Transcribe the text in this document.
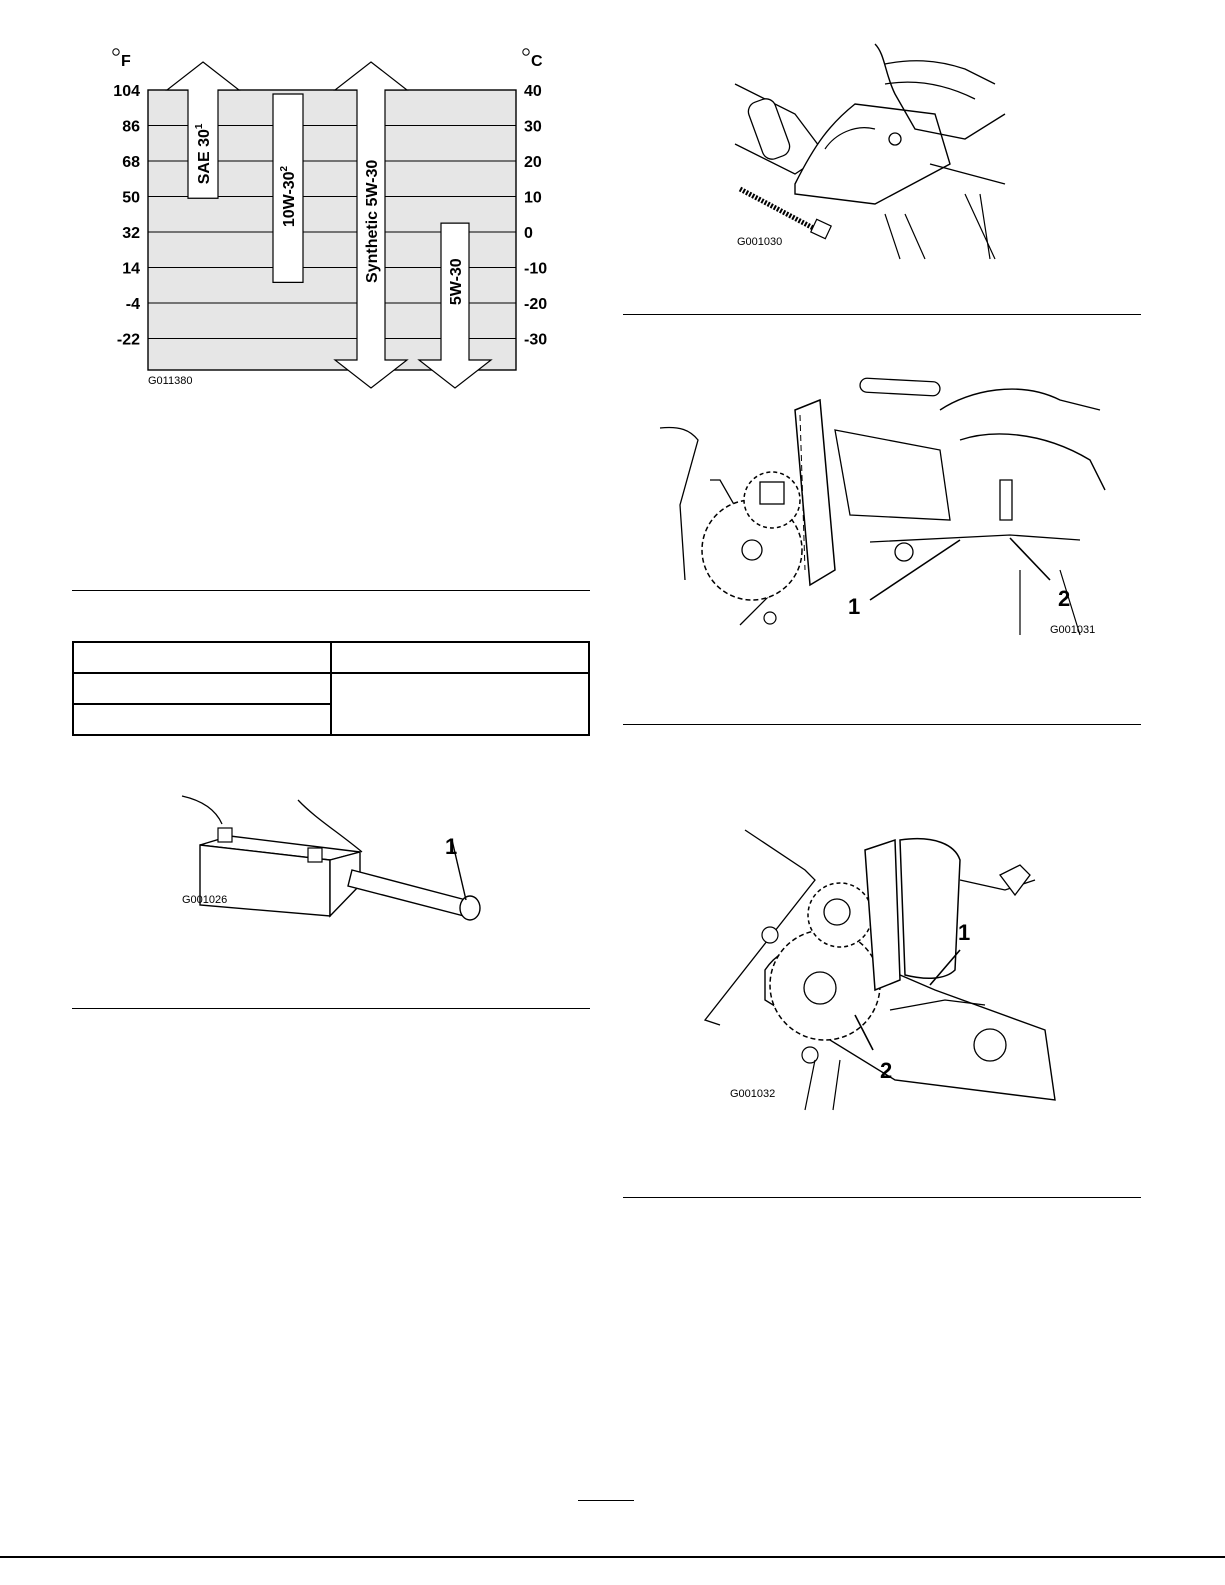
F	C
104
86
68
50
32
14
-4
-22
40
30
20
10
0
-10
-20
-30
SAE $30^1$
$10W-30^2$	Synthetic 5W-30	5W-30
G011380

1
G001026
G001030
1	2
G001031
1
2
G001032
